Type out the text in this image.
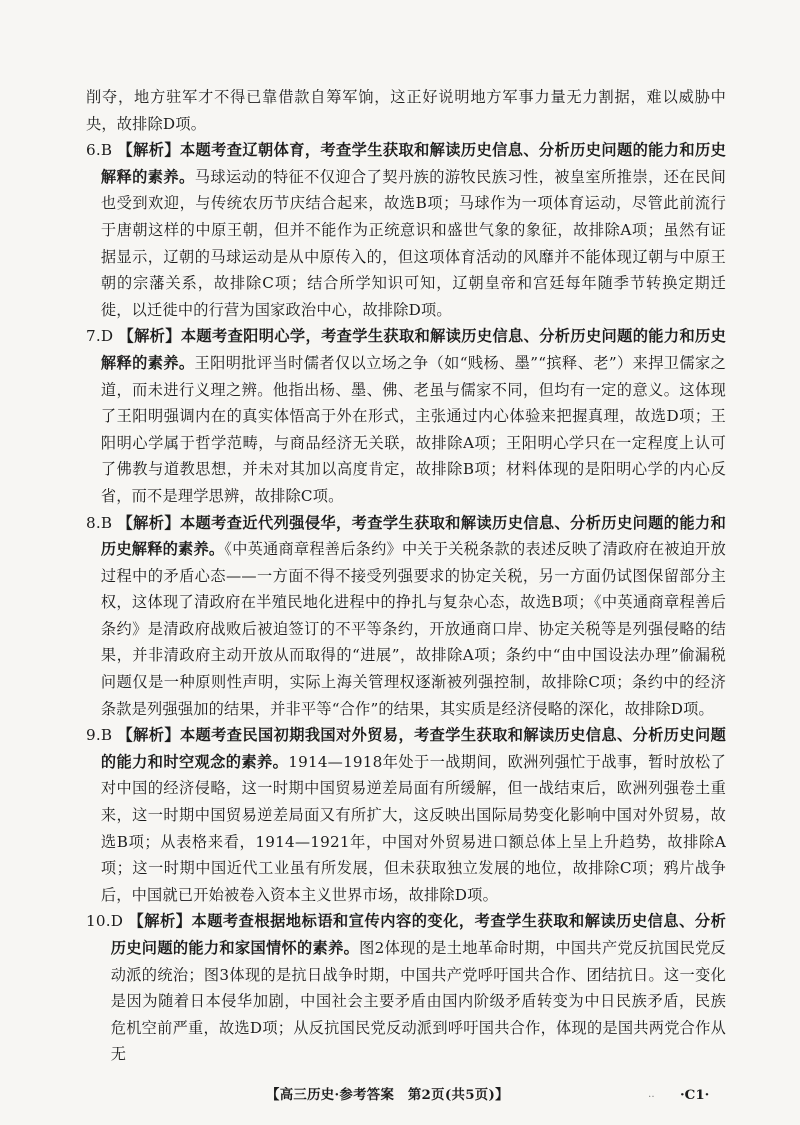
削夺，地方驻军才不得已靠借款自筹军饷，这正好说明地方军事力量无力割据，难以威胁中央，故排除D项。

6. B 【解析】本题考查辽朝体育，考查学生获取和解读历史信息、分析历史问题的能力和历史解释的素养。马球运动的特征不仅迎合了契丹族的游牧民族习性，被皇室所推崇，还在民间也受到欢迎，与传统农历节庆结合起来，故选B项；马球作为一项体育运动，尽管此前流行于唐朝这样的中原王朝，但并不能作为正统意识和盛世气象的象征，故排除A项；虽然有证据显示，辽朝的马球运动是从中原传入的，但这项体育活动的风靡并不能体现辽朝与中原王朝的宗藩关系，故排除C项；结合所学知识可知，辽朝皇帝和宫廷每年随季节转换定期迁徙，以迁徙中的行营为国家政治中心，故排除D项。
7. D 【解析】本题考查阳明心学，考查学生获取和解读历史信息、分析历史问题的能力和历史解释的素养。王阳明批评当时儒者仅以立场之争（如“贱杨、墨”“摈释、老”）来捍卫儒家之道，而未进行义理之辨。他指出杨、墨、佛、老虽与儒家不同，但均有一定的意义。这体现了王阳明强调内在的真实体悟高于外在形式，主张通过内心体验来把握真理，故选D项；王阳明心学属于哲学范畴，与商品经济无关联，故排除A项；王阳明心学只在一定程度上认可了佛教与道教思想，并未对其加以高度肯定，故排除B项；材料体现的是阳明心学的内心反省，而不是理学思辨，故排除C项。
8. B 【解析】本题考查近代列强侵华，考查学生获取和解读历史信息、分析历史问题的能力和历史解释的素养。《中英通商章程善后条约》中关于关税条款的表述反映了清政府在被迫开放过程中的矛盾心态——一方面不得不接受列强要求的协定关税，另一方面仍试图保留部分主权，这体现了清政府在半殖民地化进程中的挣扎与复杂心态，故选B项；《中英通商章程善后条约》是清政府战败后被迫签订的不平等条约，开放通商口岸、协定关税等是列强侵略的结果，并非清政府主动开放从而取得的“进展”，故排除A项；条约中“由中国设法办理”偷漏税问题仅是一种原则性声明，实际上海关管理权逐渐被列强控制，故排除C项；条约中的经济条款是列强强加的结果，并非平等“合作”的结果，其实质是经济侵略的深化，故排除D项。
9. B 【解析】本题考查民国初期我国对外贸易，考查学生获取和解读历史信息、分析历史问题的能力和时空观念的素养。1914—1918年处于一战期间，欧洲列强忙于战事，暂时放松了对中国的经济侵略，这一时期中国贸易逆差局面有所缓解，但一战结束后，欧洲列强卷土重来，这一时期中国贸易逆差局面又有所扩大，这反映出国际局势变化影响中国对外贸易，故选B项；从表格来看，1914—1921年，中国对外贸易进口额总体上呈上升趋势，故排除A项；这一时期中国近代工业虽有所发展，但未获取独立发展的地位，故排除C项；鸦片战争后，中国就已开始被卷入资本主义世界市场，故排除D项。
10. D 【解析】本题考查根据地标语和宣传内容的变化，考查学生获取和解读历史信息、分析历史问题的能力和家国情怀的素养。图2体现的是土地革命时期，中国共产党反抗国民党反动派的统治；图3体现的是抗日战争时期，中国共产党呼吁国共合作、团结抗日。这一变化是因为随着日本侵华加剧，中国社会主要矛盾由国内阶级矛盾转变为中日民族矛盾，民族危机空前严重，故选D项；从反抗国民党反动派到呼吁国共合作，体现的是国共两党合作从无
【高三历史·参考答案　第2页(共5页)】	‥ ·C1·
